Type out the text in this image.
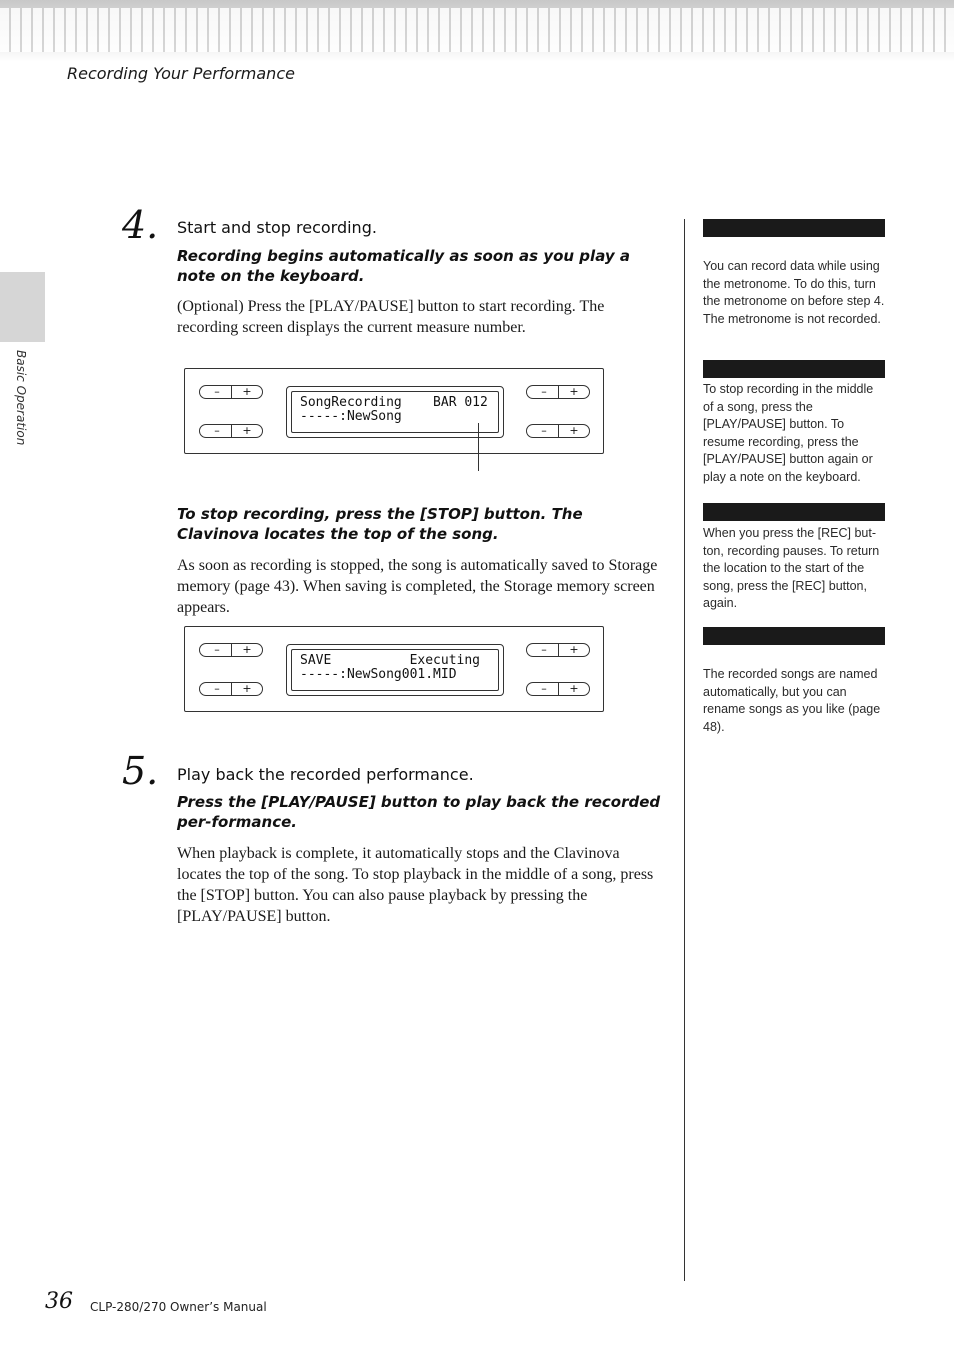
Recording Your Performance
Basic Operation
4. Start and stop recording.

Recording begins automatically as soon as you play a note on the keyboard.

(Optional) Press the [PLAY/PAUSE] button to start recording. The recording screen displays the current measure number.

–	+
–	+

SongRecording    BAR 012

-----:NewSong

–	+
–	+

To stop recording, press the [STOP] button. The Clavinova locates the top of the song.

As soon as recording is stopped, the song is automatically saved to Storage memory (page 43). When saving is completed, the Storage memory screen appears.

–	+
–	+

SAVE          Executing

-----:NewSong001.MID

–	+
–	+
5. Play back the recorded performance.

Press the [PLAY/PAUSE] button to play back the recorded per-formance.

When playback is complete, it automatically stops and the Clavinova locates the top of the song. To stop playback in the middle of a song, press the [STOP] button. You can also pause playback by pressing the [PLAY/PAUSE] button.

You can record data while using the metronome. To do this, turn the metronome on before step 4. The metronome is not recorded.

To stop recording in the middle of a song, press the [PLAY/PAUSE] button. To resume recording, press the [PLAY/PAUSE] button again or play a note on the keyboard.

When you press the [REC] but-ton, recording pauses. To return the location to the start of the song, press the [REC] button, again.

The recorded songs are named automatically, but you can rename songs as you like (page 48).

36 CLP-280/270 Owner’s Manual
